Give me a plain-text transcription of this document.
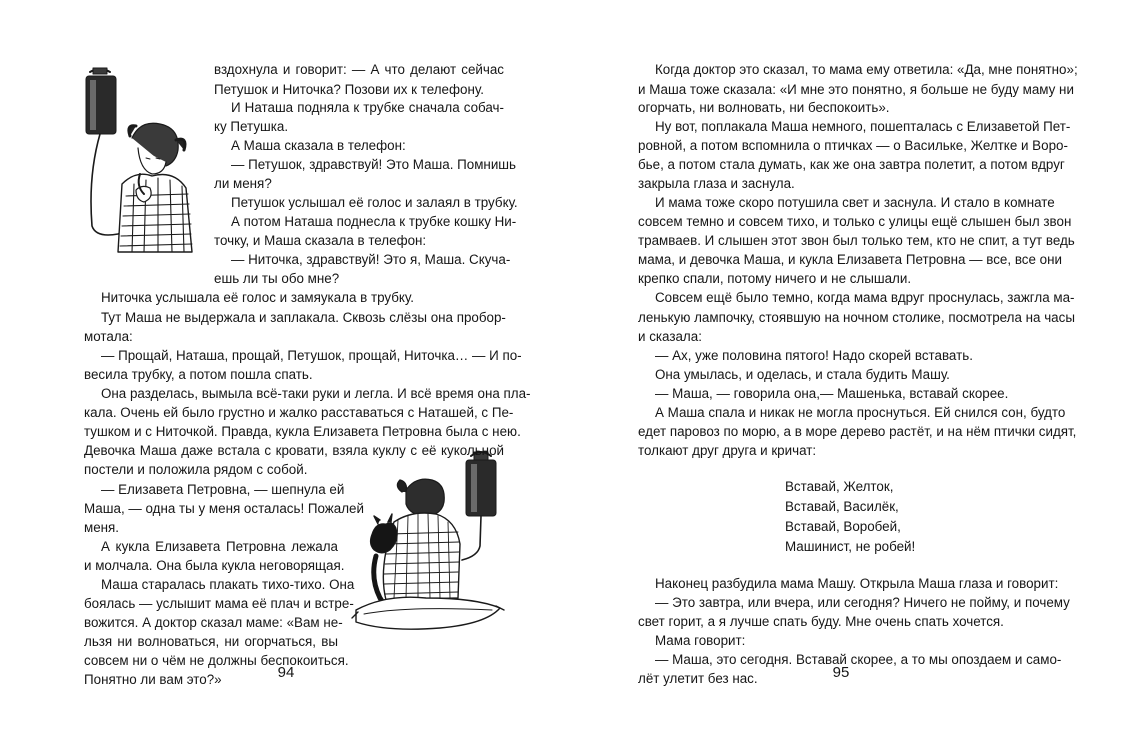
вздохнула и говорит: — А что делают сейчас
Петушок и Ниточка? Позови их к телефону.
И Наташа подняла к трубке сначала собач-
ку Петушка.
А Маша сказала в телефон:
— Петушок, здравствуй! Это Маша. Помнишь
ли меня?
Петушок услышал её голос и залаял в трубку.
А потом Наташа поднесла к трубке кошку Ни-
точку, и Маша сказала в телефон:
— Ниточка, здравствуй! Это я, Маша. Скуча-
ешь ли ты обо мне?
Ниточка услышала её голос и замяукала в трубку.
Тут Маша не выдержала и заплакала. Сквозь слёзы она пробор-
мотала:
— Прощай, Наташа, прощай, Петушок, прощай, Ниточка… — И по-
весила трубку, а потом пошла спать.
Она разделась, вымыла всё-таки руки и легла. И всё время она пла-
кала. Очень ей было грустно и жалко расставаться с Наташей, с Пе-
тушком и с Ниточкой. Правда, кукла Елизавета Петровна была с нею.
Девочка Маша даже встала с кровати, взяла куклу с её кукольной
постели и положила рядом с собой.
— Елизавета Петровна, — шепнула ей
Маша, — одна ты у меня осталась! Пожалей
меня.
А кукла Елизавета Петровна лежала
и молчала. Она была кукла неговорящая.
Маша старалась плакать тихо-тихо. Она
боялась — услышит мама её плач и встре-
вожится. А доктор сказал маме: «Вам не-
льзя ни волноваться, ни огорчаться, вы
совсем ни о чём не должны беспокоиться.
Понятно ли вам это?»	94
Когда доктор это сказал, то мама ему ответила: «Да, мне понятно»;
и Маша тоже сказала: «И мне это понятно, я больше не буду маму ни
огорчать, ни волновать, ни беспокоить».
Ну вот, поплакала Маша немного, пошепталась с Елизаветой Пет-
ровной, а потом вспомнила о птичках — о Васильке, Желтке и Воро-
бье, а потом стала думать, как же она завтра полетит, а потом вдруг
закрыла глаза и заснула.
И мама тоже скоро потушила свет и заснула. И стало в комнате
совсем темно и совсем тихо, и только с улицы ещё слышен был звон
трамваев. И слышен этот звон был только тем, кто не спит, а тут ведь
мама, и девочка Маша, и кукла Елизавета Петровна — все, все они
крепко спали, потому ничего и не слышали.
Совсем ещё было темно, когда мама вдруг проснулась, зажгла ма-
ленькую лампочку, стоявшую на ночном столике, посмотрела на часы
и сказала:
— Ах, уже половина пятого! Надо скорей вставать.
Она умылась, и оделась, и стала будить Машу.
— Маша, — говорила она,— Машенька, вставай скорее.
А Маша спала и никак не могла проснуться. Ей снился сон, будто
едет паровоз по морю, а в море дерево растёт, и на нём птички сидят,
толкают друг друга и кричат:
Вставай, Желток,
Вставай, Василёк,
Вставай, Воробей,
Машинист, не робей!
Наконец разбудила мама Машу. Открыла Маша глаза и говорит:
— Это завтра, или вчера, или сегодня? Ничего не пойму, и почему
свет горит, а я лучше спать буду. Мне очень спать хочется.
Мама говорит:
— Маша, это сегодня. Вставай скорее, а то мы опоздаем и само-
лёт улетит без нас.	95
